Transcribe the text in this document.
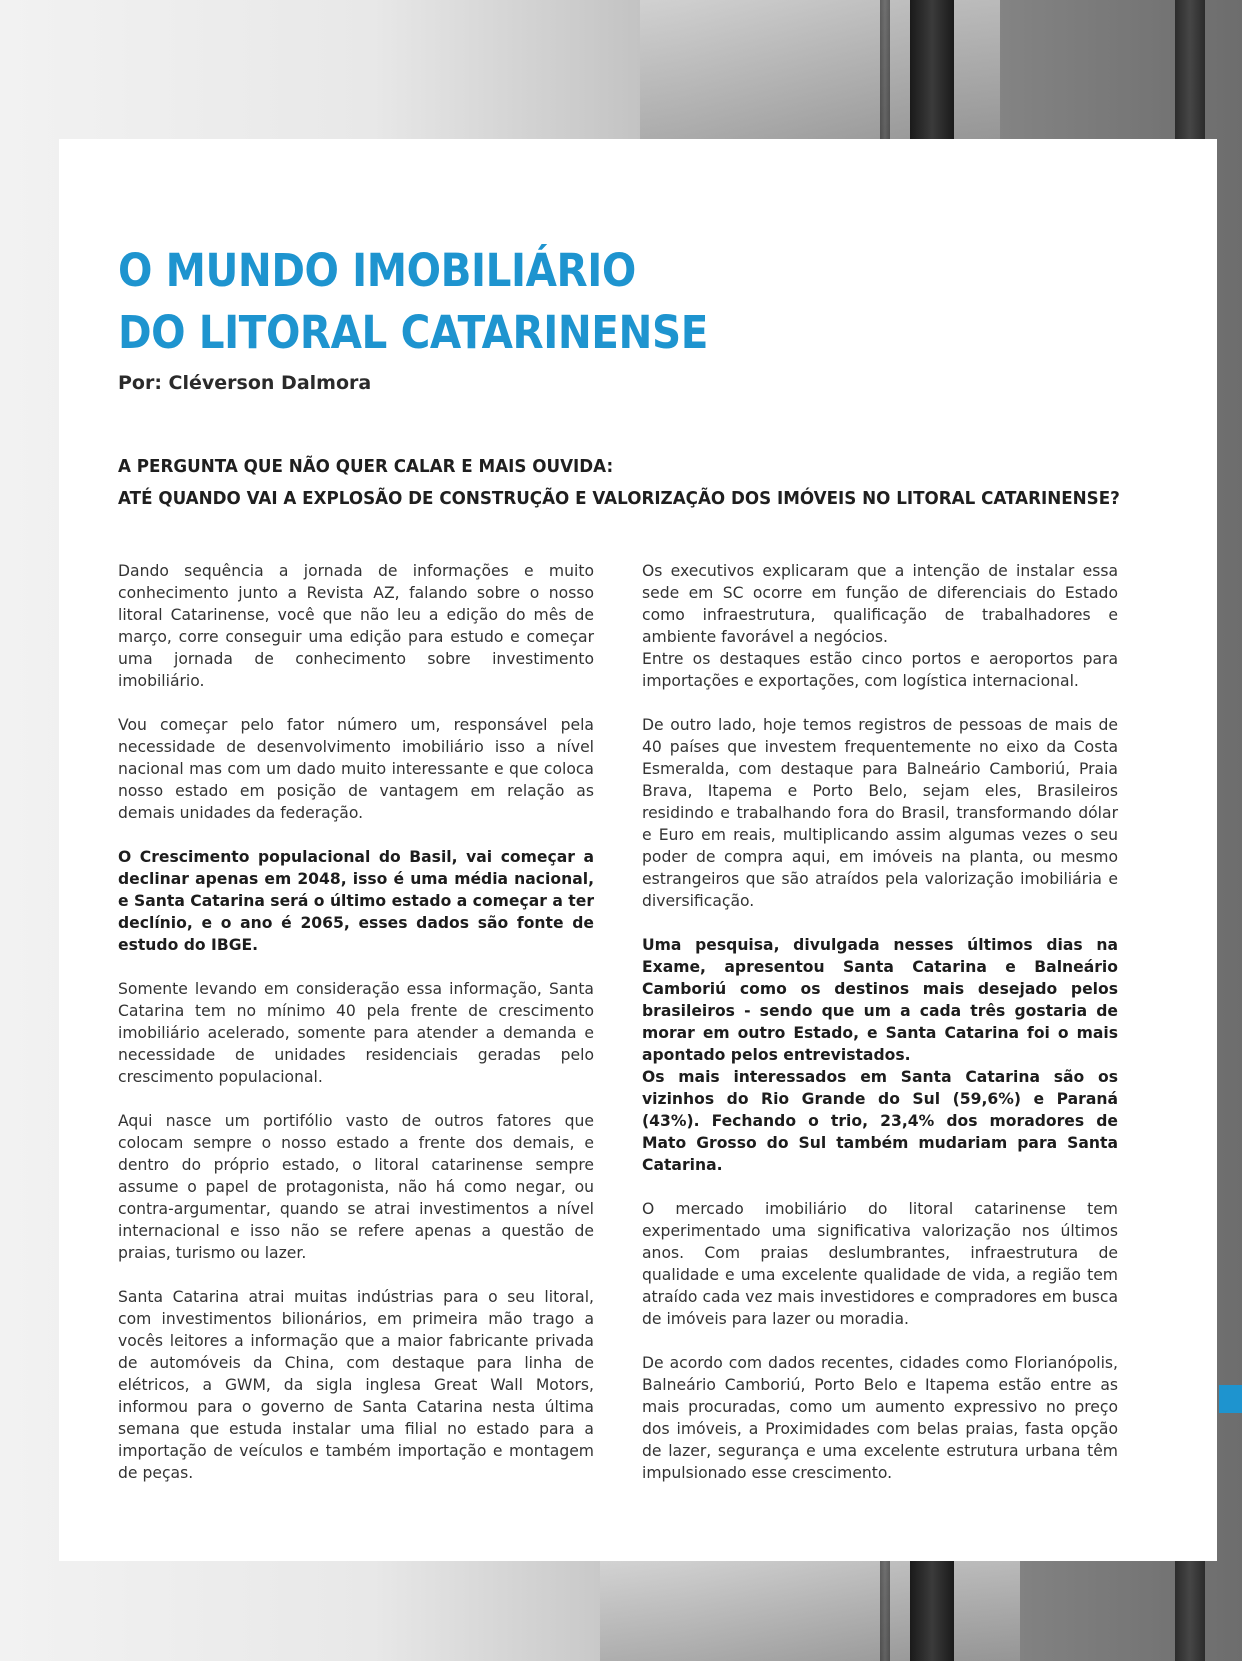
O MUNDO IMOBILIÁRIO
DO LITORAL CATARINENSE
Por: Cléverson Dalmora
A PERGUNTA QUE NÃO QUER CALAR E MAIS OUVIDA:
ATÉ QUANDO VAI A EXPLOSÃO DE CONSTRUÇÃO E VALORIZAÇÃO DOS IMÓVEIS NO LITORAL CATARINENSE?

Dando sequência a jornada de informações e muito conhecimento junto a Revista AZ, falando sobre o nosso litoral Catarinense, você que não leu a edição do mês de março, corre conseguir uma edição para estudo e começar uma jornada de conhecimento sobre investimento imobiliário.

Vou começar pelo fator número um, responsável pela necessidade de desenvolvimento imobiliário isso a nível nacional mas com um dado muito interessante e que coloca nosso estado em posição de vantagem em relação as demais unidades da federação.

O Crescimento populacional do Basil, vai começar a declinar apenas em 2048, isso é uma média nacional, e Santa Catarina será o último estado a começar a ter declínio, e o ano é 2065, esses dados são fonte de estudo do IBGE.

Somente levando em consideração essa informação, Santa Catarina tem no mínimo 40 pela frente de crescimento imobiliário acelerado, somente para atender a demanda e necessidade de unidades residenciais geradas pelo crescimento populacional.

Aqui nasce um portifólio vasto de outros fatores que colocam sempre o nosso estado a frente dos demais, e dentro do próprio estado, o litoral catarinense sempre assume o papel de protagonista, não há como negar, ou contra-argumentar, quando se atrai investimentos a nível internacional e isso não se refere apenas a questão de praias, turismo ou lazer.

Santa Catarina atrai muitas indústrias para o seu litoral, com investimentos bilionários, em primeira mão trago a vocês leitores a informação que a maior fabricante privada de automóveis da China, com destaque para linha de elétricos, a GWM, da sigla inglesa Great Wall Motors, informou para o governo de Santa Catarina nesta última semana que estuda instalar uma filial no estado para a importação de veículos e também importação e montagem de peças.

Os executivos explicaram que a intenção de instalar essa sede em SC ocorre em função de diferenciais do Estado como infraestrutura, qualificação de trabalhadores e ambiente favorável a negócios.

Entre os destaques estão cinco portos e aeroportos para importações e exportações, com logística internacional.

De outro lado, hoje temos registros de pessoas de mais de 40 países que investem frequentemente no eixo da Costa Esmeralda, com destaque para Balneário Camboriú, Praia Brava, Itapema e Porto Belo, sejam eles, Brasileiros residindo e trabalhando fora do Brasil, transformando dólar e Euro em reais, multiplicando assim algumas vezes o seu poder de compra aqui, em imóveis na planta, ou mesmo estrangeiros que são atraídos pela valorização imobiliária e diversificação.

Uma pesquisa, divulgada nesses últimos dias na Exame, apresentou Santa Catarina e Balneário Camboriú como os destinos mais desejado pelos brasileiros - sendo que um a cada três gostaria de morar em outro Estado, e Santa Catarina foi o mais apontado pelos entrevistados.

Os mais interessados em Santa Catarina são os vizinhos do Rio Grande do Sul (59,6%) e Paraná (43%). Fechando o trio, 23,4% dos moradores de Mato Grosso do Sul também mudariam para Santa Catarina.

O mercado imobiliário do litoral catarinense tem experimentado uma significativa valorização nos últimos anos. Com praias deslumbrantes, infraestrutura de qualidade e uma excelente qualidade de vida, a região tem atraído cada vez mais investidores e compradores em busca de imóveis para lazer ou moradia.

De acordo com dados recentes, cidades como Florianópolis, Balneário Camboriú, Porto Belo e Itapema estão entre as mais procuradas, como um aumento expressivo no preço dos imóveis, a Proximidades com belas praias, fasta opção de lazer, segurança e uma excelente estrutura urbana têm impulsionado esse crescimento.
